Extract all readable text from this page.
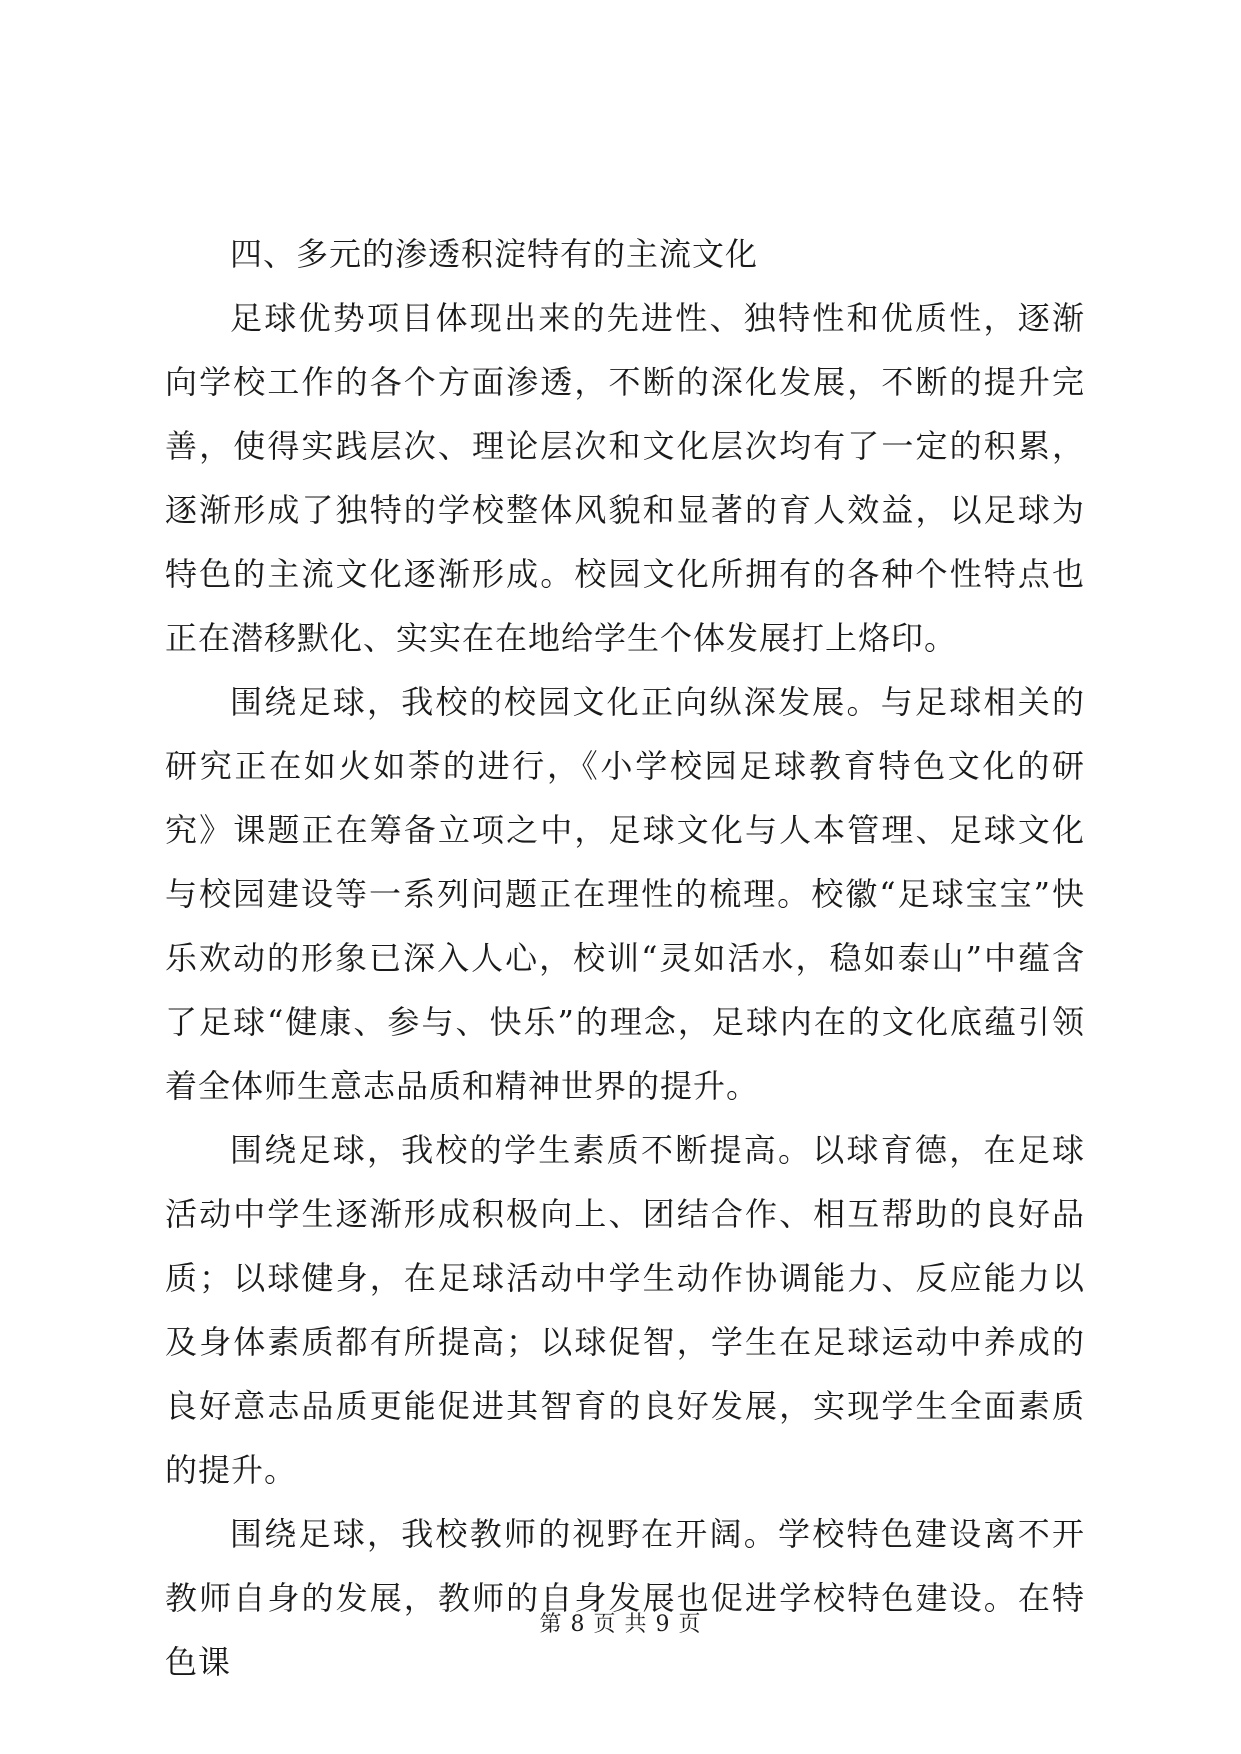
四、多元的渗透积淀特有的主流文化

足球优势项目体现出来的先进性、独特性和优质性，逐渐向学校工作的各个方面渗透，不断的深化发展，不断的提升完善，使得实践层次、理论层次和文化层次均有了一定的积累，逐渐形成了独特的学校整体风貌和显著的育人效益，以足球为特色的主流文化逐渐形成。校园文化所拥有的各种个性特点也正在潜移默化、实实在在地给学生个体发展打上烙印。

围绕足球，我校的校园文化正向纵深发展。与足球相关的研究正在如火如荼的进行，《小学校园足球教育特色文化的研究》课题正在筹备立项之中，足球文化与人本管理、足球文化与校园建设等一系列问题正在理性的梳理。校徽“足球宝宝”快乐欢动的形象已深入人心，校训“灵如活水，稳如泰山”中蕴含了足球“健康、参与、快乐”的理念，足球内在的文化底蕴引领着全体师生意志品质和精神世界的提升。

围绕足球，我校的学生素质不断提高。以球育德，在足球活动中学生逐渐形成积极向上、团结合作、相互帮助的良好品质；以球健身，在足球活动中学生动作协调能力、反应能力以及身体素质都有所提高；以球促智，学生在足球运动中养成的良好意志品质更能促进其智育的良好发展，实现学生全面素质的提升。

围绕足球，我校教师的视野在开阔。学校特色建设离不开教师自身的发展，教师的自身发展也促进学校特色建设。在特色课

第 8 页 共 9 页
